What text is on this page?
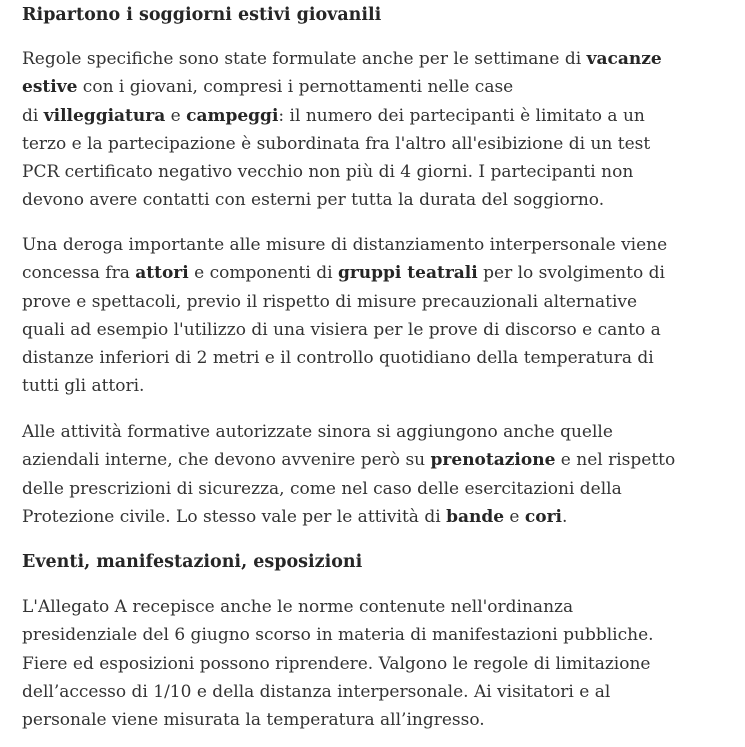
Ripartono i soggiorni estivi giovanili

Regole specifiche sono state formulate anche per le settimane di vacanze
estive con i giovani, compresi i pernottamenti nelle case
di villeggiatura e campeggi: il numero dei partecipanti è limitato a un
terzo e la partecipazione è subordinata fra l'altro all'esibizione di un test
PCR certificato negativo vecchio non più di 4 giorni. I partecipanti non
devono avere contatti con esterni per tutta la durata del soggiorno.

Una deroga importante alle misure di distanziamento interpersonale viene
concessa fra attori e componenti di gruppi teatrali per lo svolgimento di
prove e spettacoli, previo il rispetto di misure precauzionali alternative
quali ad esempio l'utilizzo di una visiera per le prove di discorso e canto a
distanze inferiori di 2 metri e il controllo quotidiano della temperatura di
tutti gli attori.

Alle attività formative autorizzate sinora si aggiungono anche quelle
aziendali interne, che devono avvenire però su prenotazione e nel rispetto
delle prescrizioni di sicurezza, come nel caso delle esercitazioni della
Protezione civile. Lo stesso vale per le attività di bande e cori.

Eventi, manifestazioni, esposizioni

L'Allegato A recepisce anche le norme contenute nell'ordinanza
presidenziale del 6 giugno scorso in materia di manifestazioni pubbliche.
Fiere ed esposizioni possono riprendere. Valgono le regole di limitazione
dell’accesso di 1/10 e della distanza interpersonale. Ai visitatori e al
personale viene misurata la temperatura all’ingresso.
